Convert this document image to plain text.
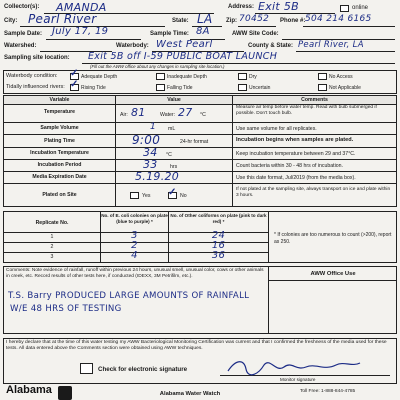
Collector(s): AMANDA	Address: Exit 5B	online
City: Pearl River	State: LA Zip: 70452 Phone #: 504 214 6165
Sample Date: July 17, 19	Sample Time: 8A	AWW Site Code:
Watershed:	Waterbody: West Pearl	County & State: Pearl River, LA
Sampling site location: Exit 5B off I-59 PUBLIC BOAT LAUNCH
(Fill out the AWW office about any changes in sampling site location.)
Waterbody condition:
Tidally influenced rivers:
✓
Adequate Depth	Inadequate Depth	Dry	No Access
✓
Rising Tide	Falling Tide	Uncertain	Not Applicable
Variable	Value	Comments
Temperature	Air: 81	Water: 27 °C
Measure air temp before water temp. Read with bulb submerged if possible. Don't touch bulb.
Sample Volume	1 mL	Use same volume for all replicates.
Plating Time	9:00	24-hr format	Incubation begins when samples are plated.
Incubation Temperature	34 °C	Keep incubation temperature between 29 and 37°C.
Incubation Period	33 hrs	Count bacteria within 30 - 48 hrs of incubation.
Media Expiration Date	5.19.20	Use this date format, Jul/2019 (from the media box).
Plated on Site	Yes
✓	No
If not plated at the sampling site, always transport on ice and plate within 3 hours.
Replicate No.
No. of E. coli colonies on plate (blue to purple) *
No. of Other coliforms on plate (pink to dark red) *
1	3	24
2	2	16
3	4	36
* If colonies are too numerous to count (>200), report as 250.
Comments: Note evidence of rainfall, runoff within previous 24 hours, unusual smell, unusual color, cows or other animals in creek, etc. Record results of other tests here, if conducted (IDEXX, 3M Petrifilm, etc.).
T.S. Barry PRODUCED LARGE AMOUNTS OF RAINFALL
W/E 48 HRS OF TESTING
AWW Office Use
I hereby declare that at the time of this water testing my AWW Bacteriological Monitoring Certification was current and that I confirmed the freshness of the media used for these tests. All data entered above the Comments section were obtained using AWW techniques.
Check for electronic signature
Monitor signature
Alabama	Alabama Water Watch	Toll Free: 1-888-844-4785
